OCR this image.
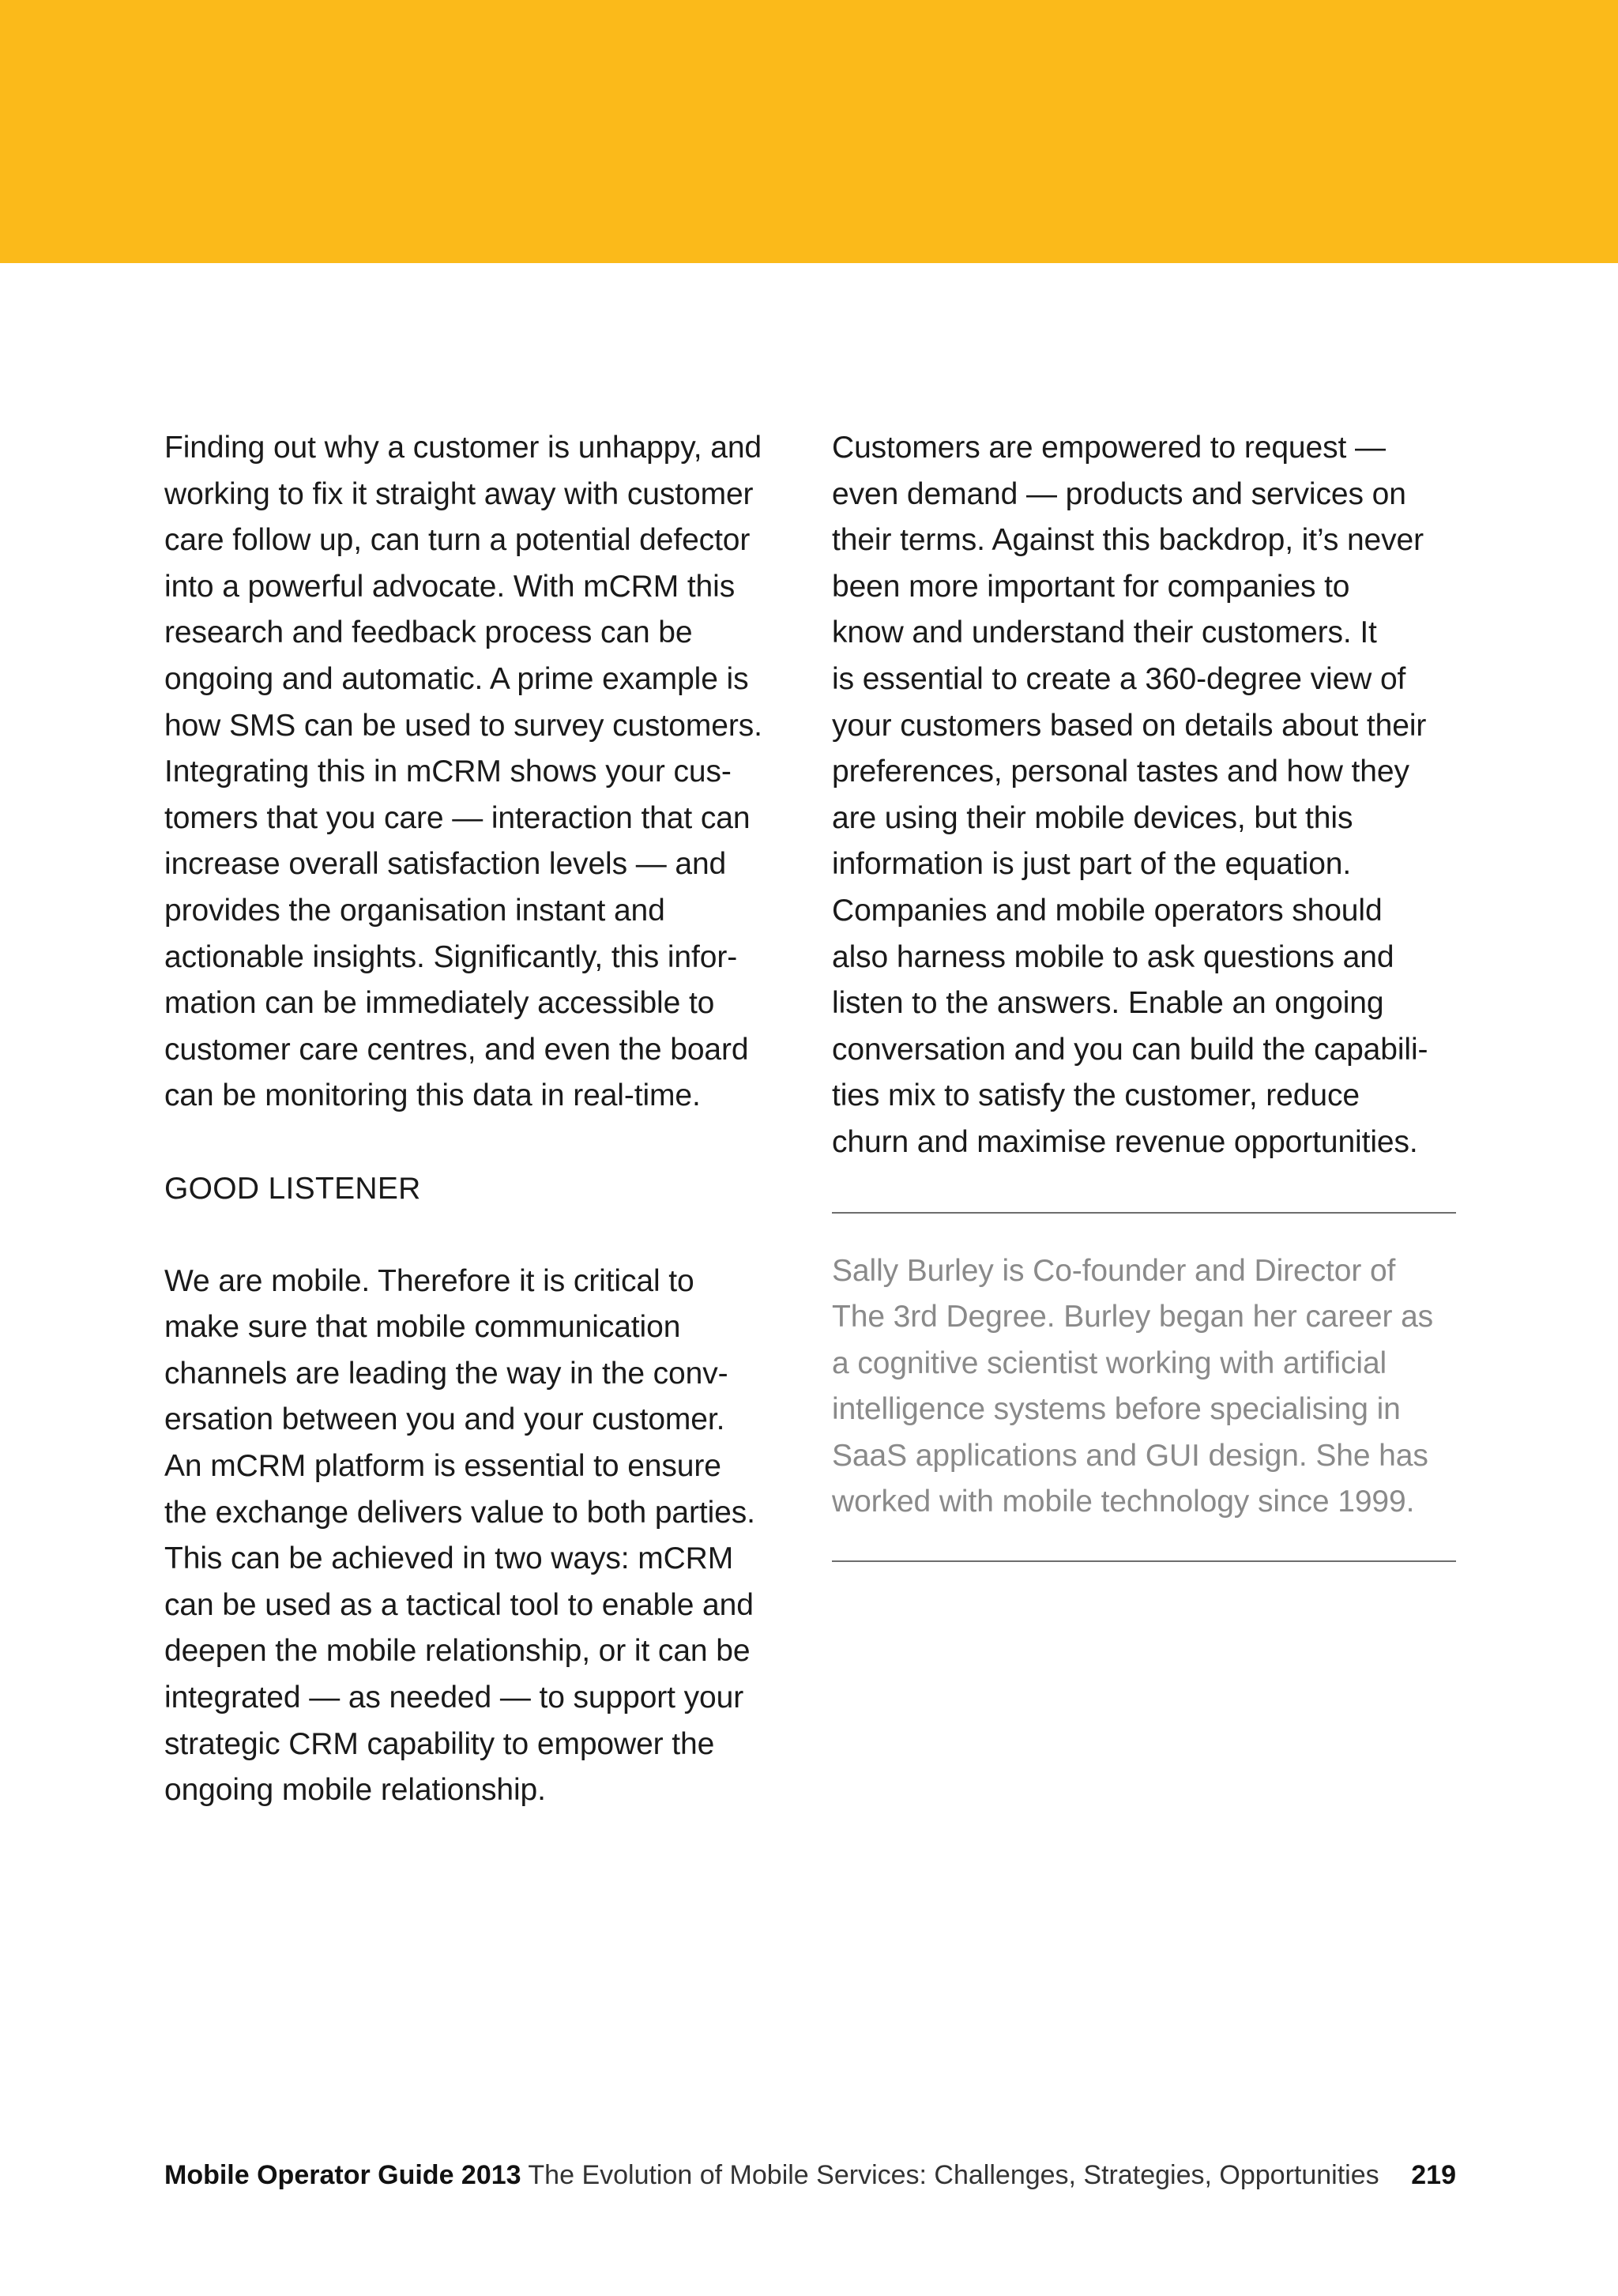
Finding out why a customer is unhappy, and
working to fix it straight away with customer
care follow up, can turn a potential defector
into a powerful advocate. With mCRM this
research and feedback process can be
ongoing and automatic. A prime example is
how SMS can be used to survey customers.
Integrating this in mCRM shows your cus-
tomers that you care — interaction that can
increase overall satisfaction levels — and
provides the organisation instant and
actionable insights. Significantly, this infor-
mation can be immediately accessible to
customer care centres, and even the board
can be monitoring this data in real-time.
GOOD LISTENER
We are mobile. Therefore it is critical to
make sure that mobile communication
channels are leading the way in the conv-
ersation between you and your customer.
An mCRM platform is essential to ensure
the exchange delivers value to both parties.
This can be achieved in two ways: mCRM
can be used as a tactical tool to enable and
deepen the mobile relationship, or it can be
integrated — as needed — to support your
strategic CRM capability to empower the
ongoing mobile relationship.
Customers are empowered to request —
even demand — products and services on
their terms. Against this backdrop, it’s never
been more important for companies to
know and understand their customers. It
is essential to create a 360-degree view of
your customers based on details about their
preferences, personal tastes and how they
are using their mobile devices, but this
information is just part of the equation.
Companies and mobile operators should
also harness mobile to ask questions and
listen to the answers. Enable an ongoing
conversation and you can build the capabili-
ties mix to satisfy the customer, reduce
churn and maximise revenue opportunities.
Sally Burley is Co-founder and Director of
The 3rd Degree. Burley began her career as
a cognitive scientist working with artificial
intelligence systems before specialising in
SaaS applications and GUI design. She has
worked with mobile technology since 1999.
Mobile Operator Guide 2013 The Evolution of Mobile Services: Challenges, Strategies, Opportunities 219
